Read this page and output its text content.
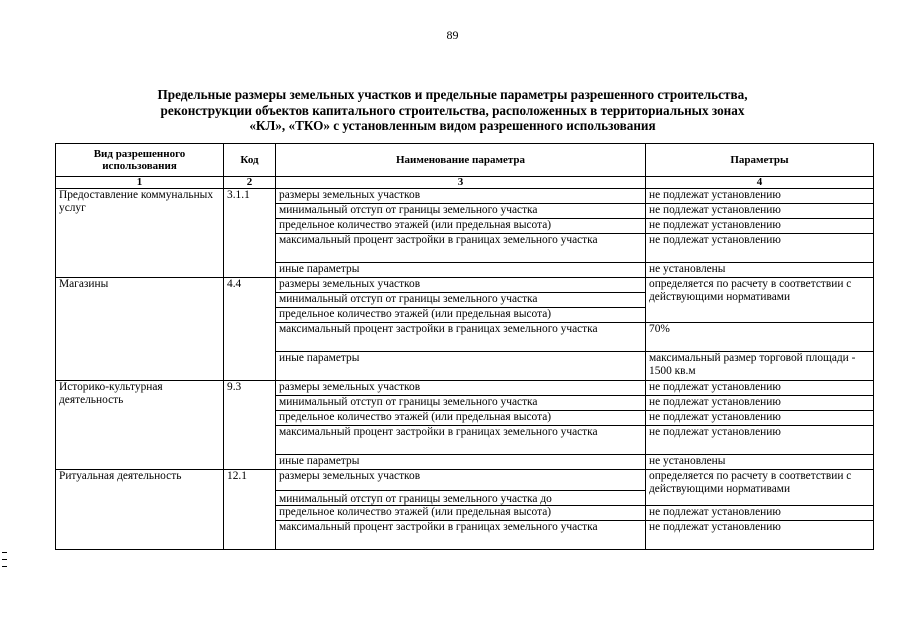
89
Предельные размеры земельных участков и предельные параметры разрешенного строительства,
реконструкции объектов капитального строительства, расположенных в территориальных зонах
«КЛ», «ТКО» с установленным видом разрешенного использования
Вид разрешенного использования	Код	Наименование параметра	Параметры
1	2	3	4
Предоставление коммунальных услуг	3.1.1	размеры земельных участков	не подлежат установлению
		минимальный отступ от границы земельного участка	не подлежат установлению
		предельное количество этажей (или предельная высота)	не подлежат установлению
		максимальный процент застройки в границах земельного участка	не подлежат установлению
		иные параметры	не установлены
Магазины	4.4	размеры земельных участков	определяется по расчету в соответствии с действующими нормативами
		минимальный отступ от границы земельного участка	
		предельное количество этажей (или предельная высота)	
		максимальный процент застройки в границах земельного участка	70%
		иные параметры	максимальный размер торговой площади - 1500 кв.м
Историко-культурная деятельность	9.3	размеры земельных участков	не подлежат установлению
		минимальный отступ от границы земельного участка	не подлежат установлению
		предельное количество этажей (или предельная высота)	не подлежат установлению
		максимальный процент застройки в границах земельного участка	не подлежат установлению
		иные параметры	не установлены
Ритуальная деятельность	12.1	размеры земельных участков	определяется по расчету в соответствии с действующими нормативами
		минимальный отступ от границы земельного участка до	
		предельное количество этажей (или предельная высота)	не подлежат установлению
		максимальный процент застройки в границах земельного участка	не подлежат установлению
